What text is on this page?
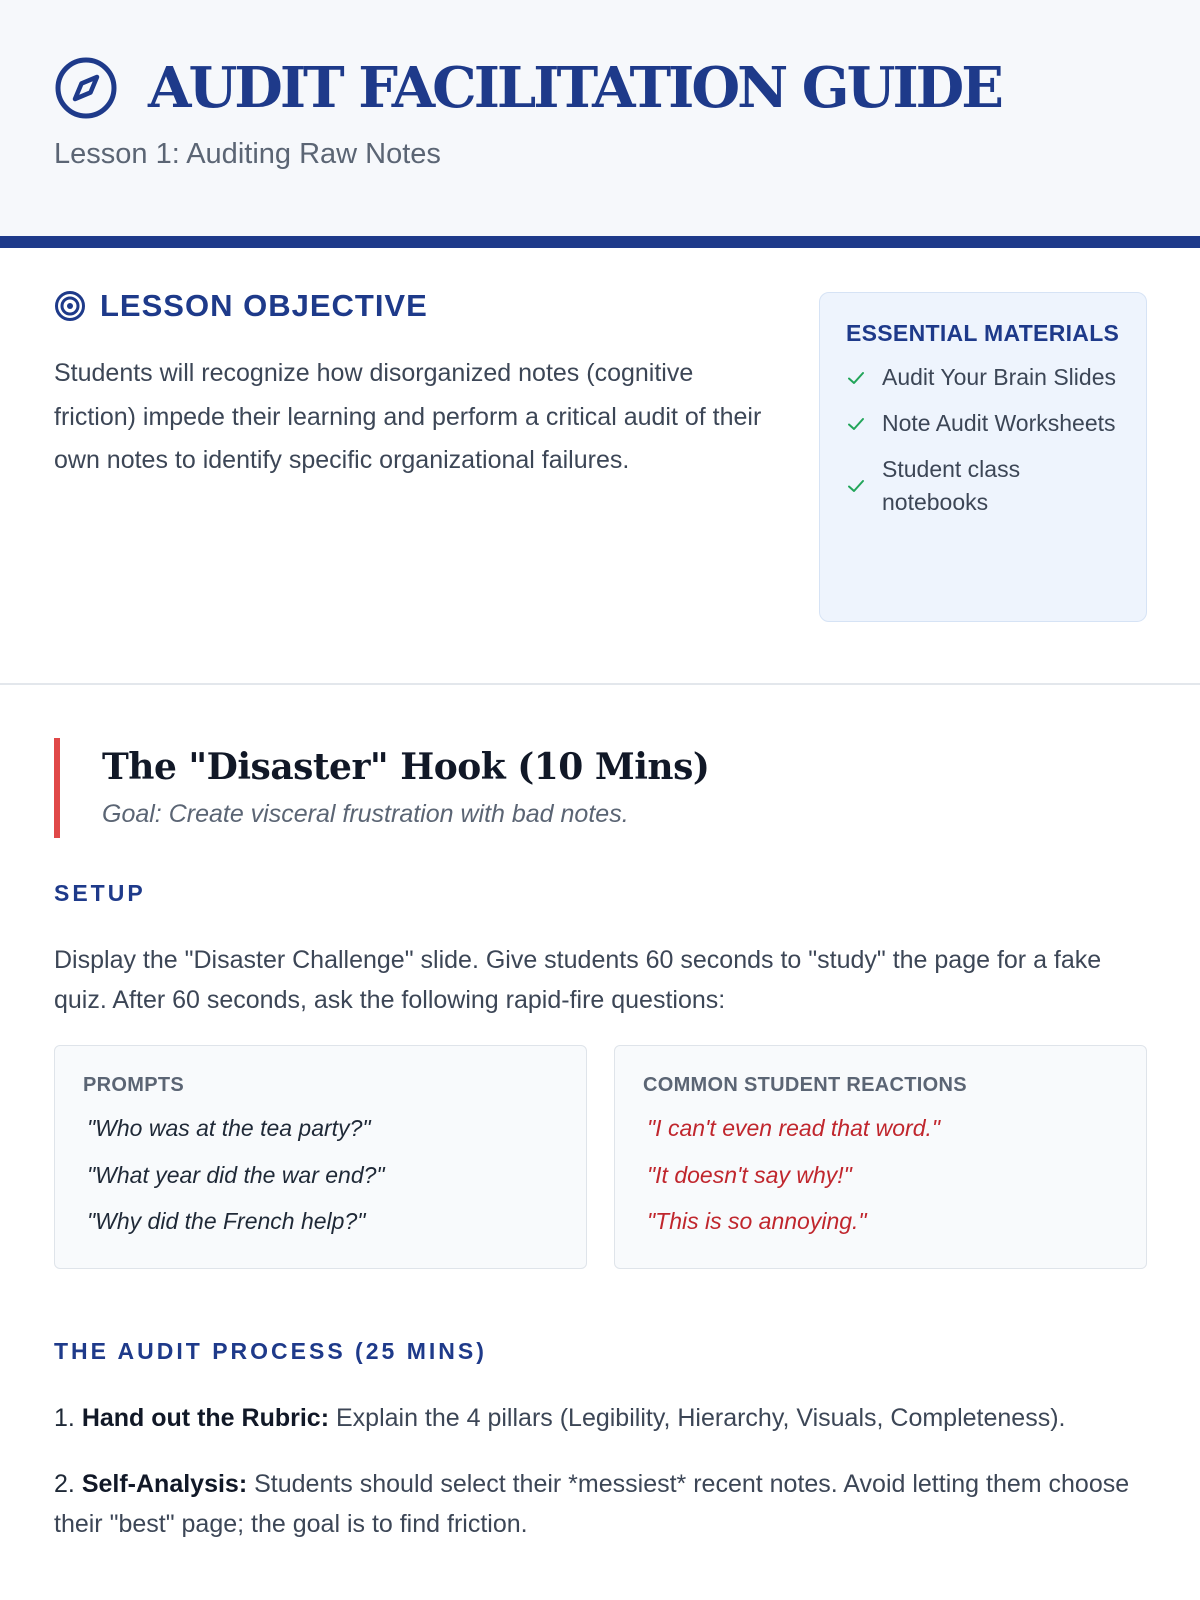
AUDIT FACILITATION GUIDE
Lesson 1: Auditing Raw Notes
LESSON OBJECTIVE

Students will recognize how disorganized notes (cognitive friction) impede their learning and perform a critical audit of their own notes to identify specific organizational failures.

ESSENTIAL MATERIALS
Audit Your Brain Slides
Note Audit Worksheets
Student class notebooks
The "Disaster" Hook (10 Mins)
Goal: Create visceral frustration with bad notes.
SETUP

Display the "Disaster Challenge" slide. Give students 60 seconds to "study" the page for a fake quiz. After 60 seconds, ask the following rapid-fire questions:

PROMPTS
"Who was at the tea party?"
"What year did the war end?"
"Why did the French help?"
COMMON STUDENT REACTIONS
"I can't even read that word."
"It doesn't say why!"
"This is so annoying."
THE AUDIT PROCESS (25 MINS)
1. Hand out the Rubric: Explain the 4 pillars (Legibility, Hierarchy, Visuals, Completeness).
2. Self-Analysis: Students should select their *messiest* recent notes. Avoid letting them choose their "best" page; the goal is to find friction.
